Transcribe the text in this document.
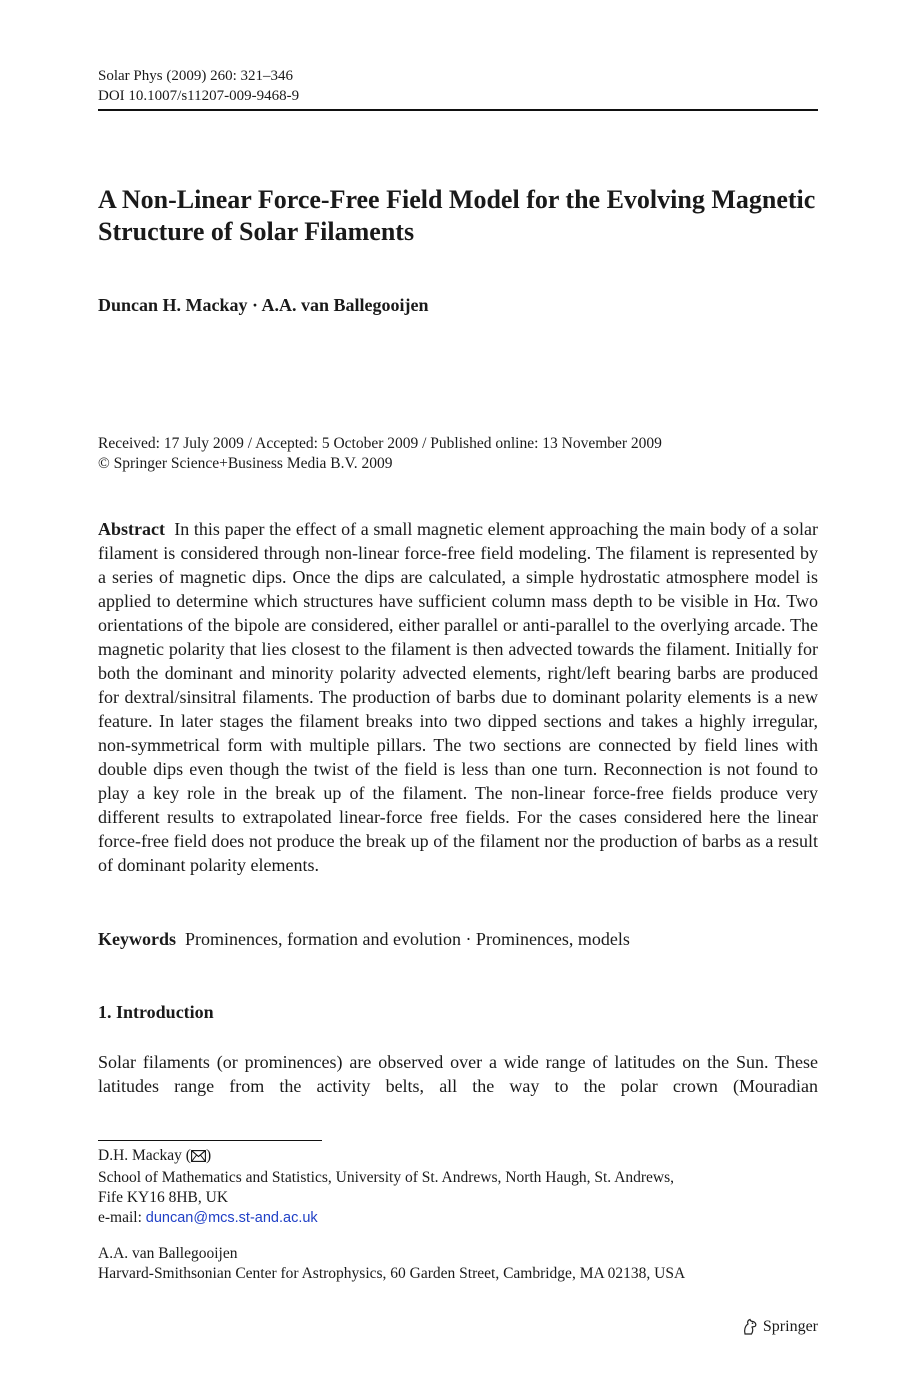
Solar Phys (2009) 260: 321–346
DOI 10.1007/s11207-009-9468-9
A Non-Linear Force-Free Field Model for the Evolving Magnetic Structure of Solar Filaments
Duncan H. Mackay · A.A. van Ballegooijen
Received: 17 July 2009 / Accepted: 5 October 2009 / Published online: 13 November 2009
© Springer Science+Business Media B.V. 2009
Abstract In this paper the effect of a small magnetic element approaching the main body of a solar filament is considered through non-linear force-free field modeling. The filament is represented by a series of magnetic dips. Once the dips are calculated, a simple hydrostatic atmosphere model is applied to determine which structures have sufficient column mass depth to be visible in Hα. Two orientations of the bipole are considered, either parallel or anti-parallel to the overlying arcade. The magnetic polarity that lies closest to the filament is then advected towards the filament. Initially for both the dominant and minority polarity advected elements, right/left bearing barbs are produced for dextral/sinsitral filaments. The production of barbs due to dominant polarity elements is a new feature. In later stages the filament breaks into two dipped sections and takes a highly irregular, non-symmetrical form with multiple pillars. The two sections are connected by field lines with double dips even though the twist of the field is less than one turn. Reconnection is not found to play a key role in the break up of the filament. The non-linear force-free fields produce very different results to extrapolated linear-force free fields. For the cases considered here the linear force-free field does not produce the break up of the filament nor the production of barbs as a result of dominant polarity elements.
Keywords Prominences, formation and evolution · Prominences, models
1. Introduction
Solar filaments (or prominences) are observed over a wide range of latitudes on the Sun. These latitudes range from the activity belts, all the way to the polar crown (Mouradian
D.H. Mackay ( )
School of Mathematics and Statistics, University of St. Andrews, North Haugh, St. Andrews,
Fife KY16 8HB, UK
e-mail: duncan@mcs.st-and.ac.uk
A.A. van Ballegooijen
Harvard-Smithsonian Center for Astrophysics, 60 Garden Street, Cambridge, MA 02138, USA
Springer
